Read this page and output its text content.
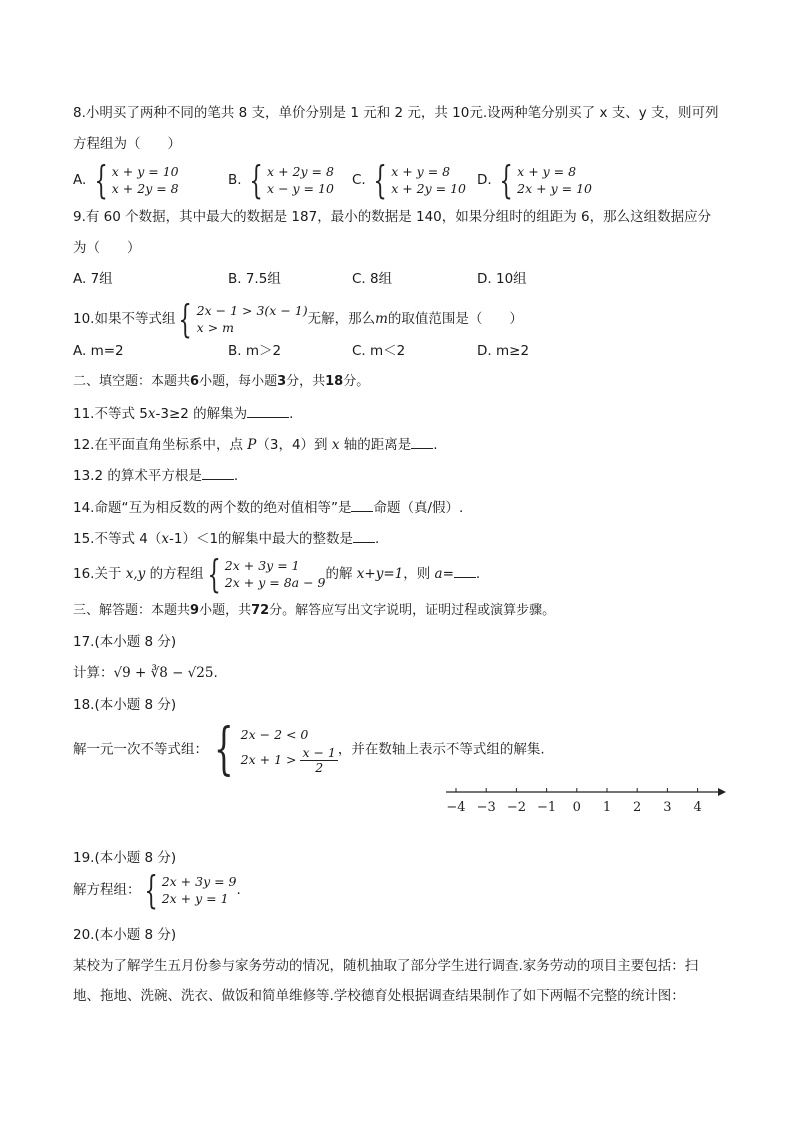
8.小明买了两种不同的笔共 8 支，单价分别是 1 元和 2 元，共 10元.设两种笔分别买了 x 支、y 支，则可列
方程组为（　　）
A. { x + y = 10
x + 2y = 8
B. { x + 2y = 8
x − y = 10
C. { x + y = 8
x + 2y = 10
D. { x + y = 8
2x + y = 10
9.有 60 个数据，其中最大的数据是 187，最小的数据是 140，如果分组时的组距为 6，那么这组数据应分
为（　　）
A. 7组	B. 7.5组	C. 8组	D. 10组
10.如果不等式组 { 2x − 1 > 3(x − 1)
x > m
无解，那么m的取值范围是（　　）
A. m=2	B. m＞2	C. m＜2	D. m≥2
二、填空题：本题共6小题，每小题3分，共18分。
11.不等式 5x-3≥2 的解集为	.
12.在平面直角坐标系中，点 P（3，4）到 x 轴的距离是 .
13.2 的算术平方根是 .
14.命题“互为相反数的两个数的绝对值相等”是 命题（真/假）.
15.不等式 4（x-1）＜1的解集中最大的整数是 .
16.关于 x,y 的方程组 { 2x + 3y = 1
2x + y = 8a − 9
的解 x+y=1，则 a= .
三、解答题：本题共9小题，共72分。解答应写出文字说明，证明过程或演算步骤。
17.(本小题 8 分)
计算：√9 + ∛8 − √25.
18.(本小题 8 分)
解一元一次不等式组： { 2x − 2 < 0
$2x + 1 > \frac{x - 1}{2}$ ，并在数轴上表示不等式组的解集.
−4 −3 −2 −1 0 1 2 3 4
19.(本小题 8 分)
解方程组： { 2x + 3y = 9
2x + y = 1
.
20.(本小题 8 分)
某校为了解学生五月份参与家务劳动的情况，随机抽取了部分学生进行调查.家务劳动的项目主要包括：扫
地、拖地、洗碗、洗衣、做饭和简单维修等.学校德育处根据调查结果制作了如下两幅不完整的统计图：
